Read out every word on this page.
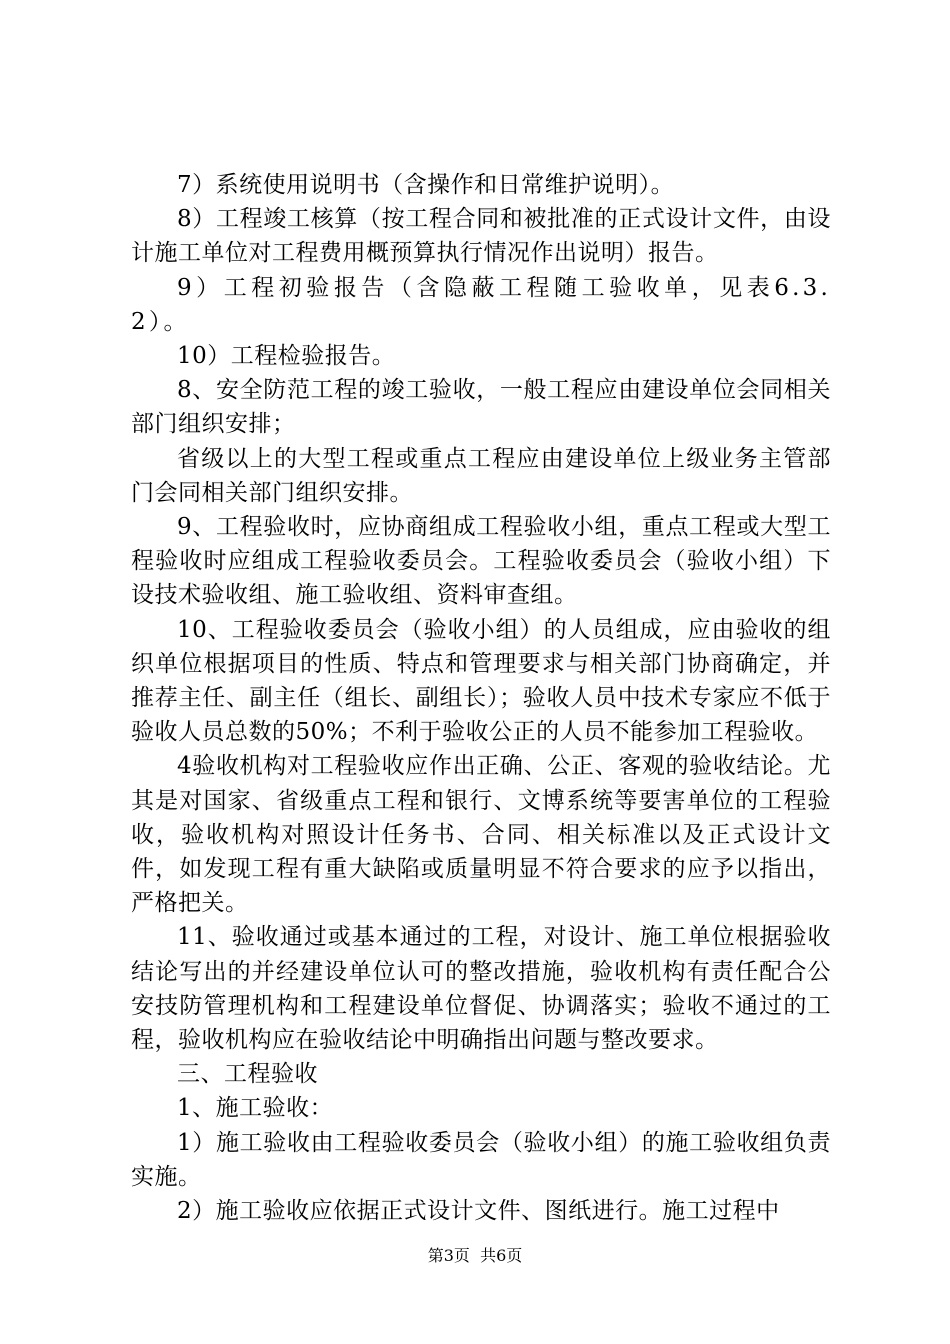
7）系统使用说明书（含操作和日常维护说明）。

8）工程竣工核算（按工程合同和被批准的正式设计文件，由设计施工单位对工程费用概预算执行情况作出说明）报告。

9）工程初验报告（含隐蔽工程随工验收单，见表6.3.2）。

10）工程检验报告。

8、安全防范工程的竣工验收，一般工程应由建设单位会同相关部门组织安排；

省级以上的大型工程或重点工程应由建设单位上级业务主管部门会同相关部门组织安排。

9、工程验收时，应协商组成工程验收小组，重点工程或大型工程验收时应组成工程验收委员会。工程验收委员会（验收小组）下设技术验收组、施工验收组、资料审查组。

10、工程验收委员会（验收小组）的人员组成，应由验收的组织单位根据项目的性质、特点和管理要求与相关部门协商确定，并推荐主任、副主任（组长、副组长）；验收人员中技术专家应不低于验收人员总数的50%；不利于验收公正的人员不能参加工程验收。

4验收机构对工程验收应作出正确、公正、客观的验收结论。尤其是对国家、省级重点工程和银行、文博系统等要害单位的工程验收，验收机构对照设计任务书、合同、相关标准以及正式设计文件，如发现工程有重大缺陷或质量明显不符合要求的应予以指出，严格把关。

11、验收通过或基本通过的工程，对设计、施工单位根据验收结论写出的并经建设单位认可的整改措施，验收机构有责任配合公安技防管理机构和工程建设单位督促、协调落实；验收不通过的工程，验收机构应在验收结论中明确指出问题与整改要求。

三、工程验收

1、施工验收：

1）施工验收由工程验收委员会（验收小组）的施工验收组负责实施。

2）施工验收应依据正式设计文件、图纸进行。施工过程中

第3页  共6页
